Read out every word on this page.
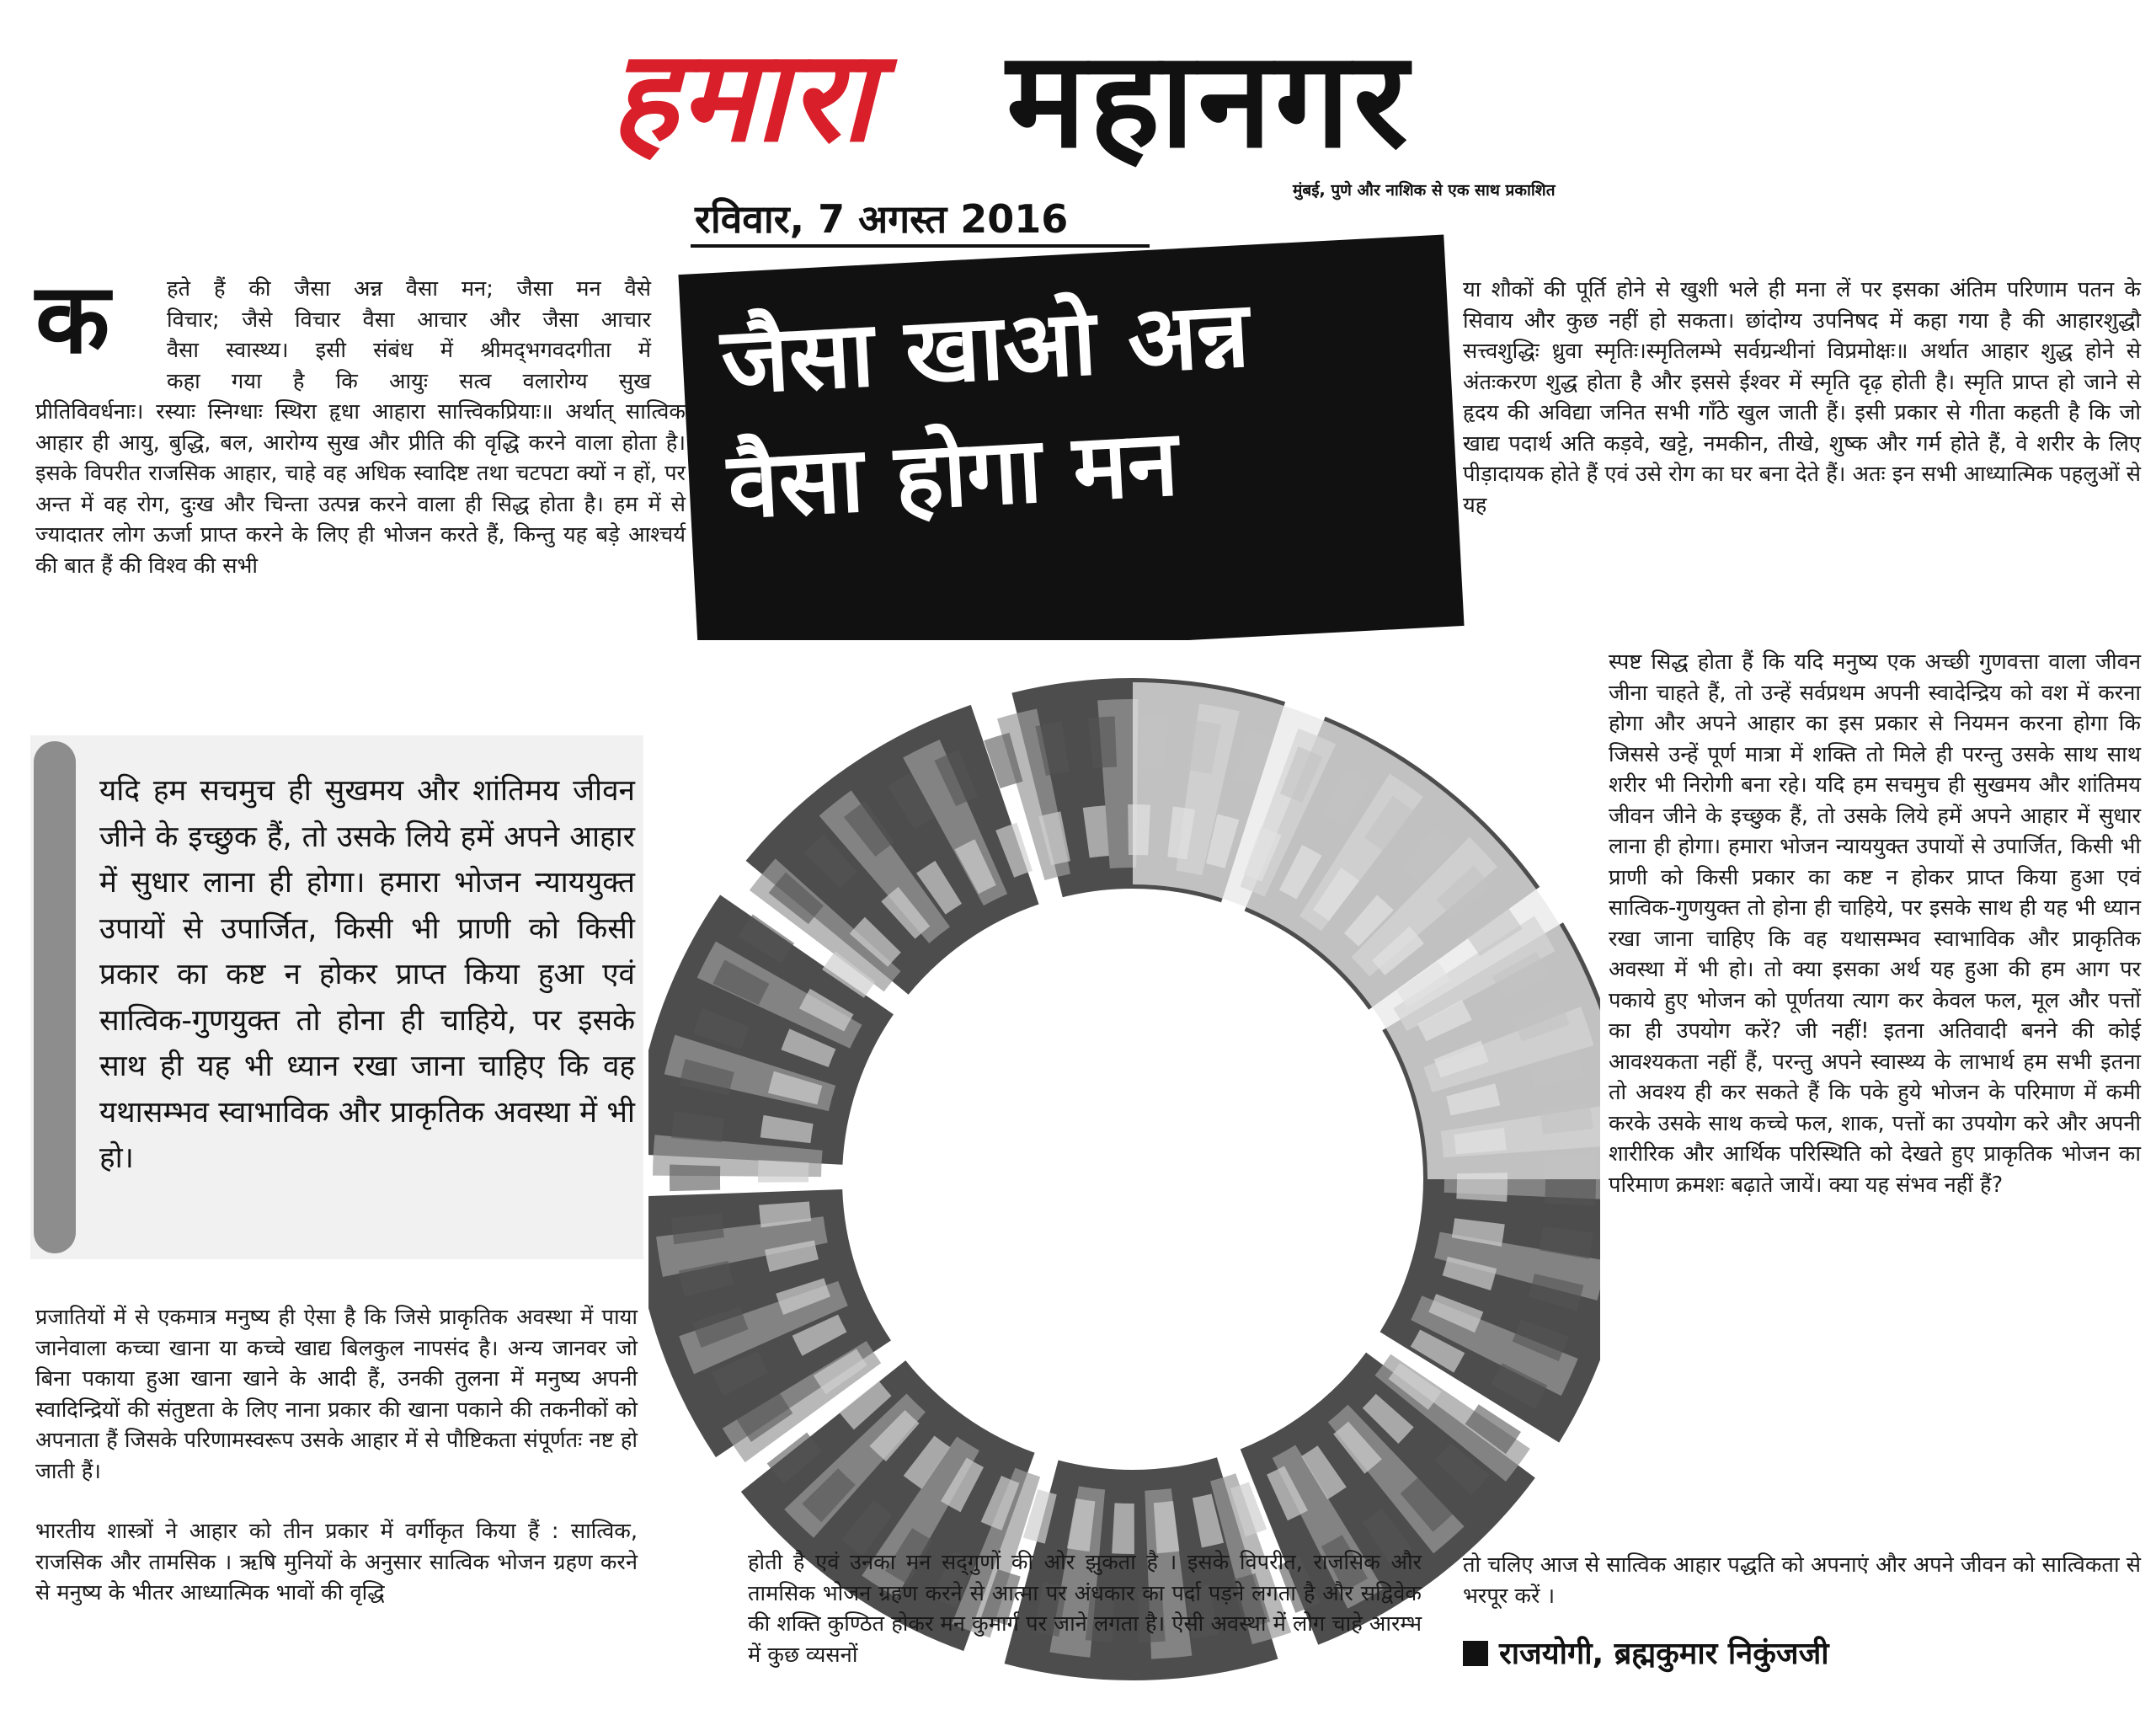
हमारा महानगर
मुंबई, पुणे और नाशिक से एक साथ प्रकाशित
रविवार, 7 अगस्त 2016
जैसा खाओ अन्न
वैसा होगा मन
क	हते हैं की जैसा अन्न वैसा मन; जैसा मन वैसे
विचार; जैसे विचार वैसा आचार और जैसा आचार
वैसा स्वास्थ्य। इसी संबंध में श्रीमद्‌भगवदगीता में
कहा गया है कि आयुः सत्व वलारोग्य सुख
प्रीतिविवर्धनाः। रस्याः स्निग्धाः स्थिरा हृधा आहारा सात्त्विकप्रियाः॥ अर्थात्‌ सात्विक आहार ही आयु, बुद्धि, बल, आरोग्य सुख और प्रीति की वृद्धि करने वाला होता है। इसके विपरीत राजसिक आहार, चाहे वह अधिक स्वादिष्ट तथा चटपटा क्यों न हों, पर अन्त में वह रोग, दुःख और चिन्ता उत्पन्न करने वाला ही सिद्ध होता है। हम में से ज्यादातर लोग ऊर्जा प्राप्त करने के लिए ही भोजन करते हैं, किन्तु यह बड़े आश्चर्य की बात हैं की विश्व की सभी
यदि हम सचमुच ही सुखमय और शांतिमय जीवन जीने के इच्छुक हैं, तो उसके लिये हमें अपने आहार में सुधार लाना ही होगा। हमारा भोजन न्याययुक्त उपायों से उपार्जित, किसी भी प्राणी को किसी प्रकार का कष्ट न होकर प्राप्त किया हुआ एवं सात्विक-गुणयुक्त तो होना ही चाहिये, पर इसके साथ ही यह भी ध्यान रखा जाना चाहिए कि वह यथासम्भव स्वाभाविक और प्राकृतिक अवस्था में भी हो।
प्रजातियों में से एकमात्र मनुष्य ही ऐसा है कि जिसे प्राकृतिक अवस्था में पाया जानेवाला कच्चा खाना या कच्चे खाद्य बिलकुल नापसंद है। अन्य जानवर जो बिना पकाया हुआ खाना खाने के आदी हैं, उनकी तुलना में मनुष्य अपनी स्वादिन्द्रियों की संतुष्टता के लिए नाना प्रकार की खाना पकाने की तकनीकों को अपनाता हैं जिसके परिणामस्वरूप उसके आहार में से पौष्टिकता संपूर्णतः नष्ट हो जाती हैं।
भारतीय शास्त्रों ने आहार को तीन प्रकार में वर्गीकृत किया हैं : सात्विक, राजसिक और तामसिक । ऋषि मुनियों के अनुसार सात्विक भोजन ग्रहण करने से मनुष्य के भीतर आध्यात्मिक भावों की वृद्धि
होती है एवं उनका मन सद्‌गुणों की ओर झुकता है । इसके विपरीत, राजसिक और तामसिक भोजन ग्रहण करने से आत्मा पर अंधकार का पर्दा पड़ने लगता है और सद्विवेक की शक्ति कुण्ठित होकर मन कुमार्ग पर जाने लगता है। ऐसी अवस्था में लोग चाहे आरम्भ में कुछ व्यसनों
या शौकों की पूर्ति होने से खुशी भले ही मना लें पर इसका अंतिम परिणाम पतन के सिवाय और कुछ नहीं हो सकता। छांदोग्य उपनिषद में कहा गया है की आहारशुद्धौ सत्त्वशुद्धिः ध्रुवा स्मृतिः।स्मृतिलम्भे सर्वग्रन्थीनां विप्रमोक्षः॥ अर्थात आहार शुद्ध होने से अंतःकरण शुद्ध होता है और इससे ईश्वर में स्मृति दृढ़ होती है। स्मृति प्राप्त हो जाने से हृदय की अविद्या जनित सभी गाँठे खुल जाती हैं। इसी प्रकार से गीता कहती है कि जो खाद्य पदार्थ अति कड़वे, खट्टे, नमकीन, तीखे, शुष्क और गर्म होते हैं, वे शरीर के लिए पीड़ादायक होते हैं एवं उसे रोग का घर बना देते हैं। अतः इन सभी आध्यात्मिक पहलुओं से यह
स्पष्ट सिद्ध होता हैं कि यदि मनुष्य एक अच्छी गुणवत्ता वाला जीवन जीना चाहते हैं, तो उन्हें सर्वप्रथम अपनी स्वादेन्द्रिय को वश में करना होगा और अपने आहार का इस प्रकार से नियमन करना होगा कि जिससे उन्हें पूर्ण मात्रा में शक्ति तो मिले ही परन्तु उसके साथ साथ शरीर भी निरोगी बना रहे। यदि हम सचमुच ही सुखमय और शांतिमय जीवन जीने के इच्छुक हैं, तो उसके लिये हमें अपने आहार में सुधार लाना ही होगा। हमारा भोजन न्याययुक्त उपायों से उपार्जित, किसी भी प्राणी को किसी प्रकार का कष्ट न होकर प्राप्त किया हुआ एवं सात्विक-गुणयुक्त तो होना ही चाहिये, पर इसके साथ ही यह भी ध्यान रखा जाना चाहिए कि वह यथासम्भव स्वाभाविक और प्राकृतिक अवस्था में भी हो। तो क्या इसका अर्थ यह हुआ की हम आग पर पकाये हुए भोजन को पूर्णतया त्याग कर केवल फल, मूल और पत्तों का ही उपयोग करें? जी नहीं! इतना अतिवादी बनने की कोई आवश्यकता नहीं हैं, परन्तु अपने स्वास्थ्य के लाभार्थ हम सभी इतना तो अवश्य ही कर सकते हैं कि पके हुये भोजन के परिमाण में कमी करके उसके साथ कच्चे फल, शाक, पत्तों का उपयोग करे और अपनी शारीरिक और आर्थिक परिस्थिति को देखते हुए प्राकृतिक भोजन का परिमाण क्रमशः बढ़ाते जायें। क्या यह संभव नहीं हैं?
तो चलिए आज से सात्विक आहार पद्धति को अपनाएं और अपने जीवन को सात्विकता से भरपूर करें ।
राजयोगी, ब्रह्मकुमार निकुंजजी
